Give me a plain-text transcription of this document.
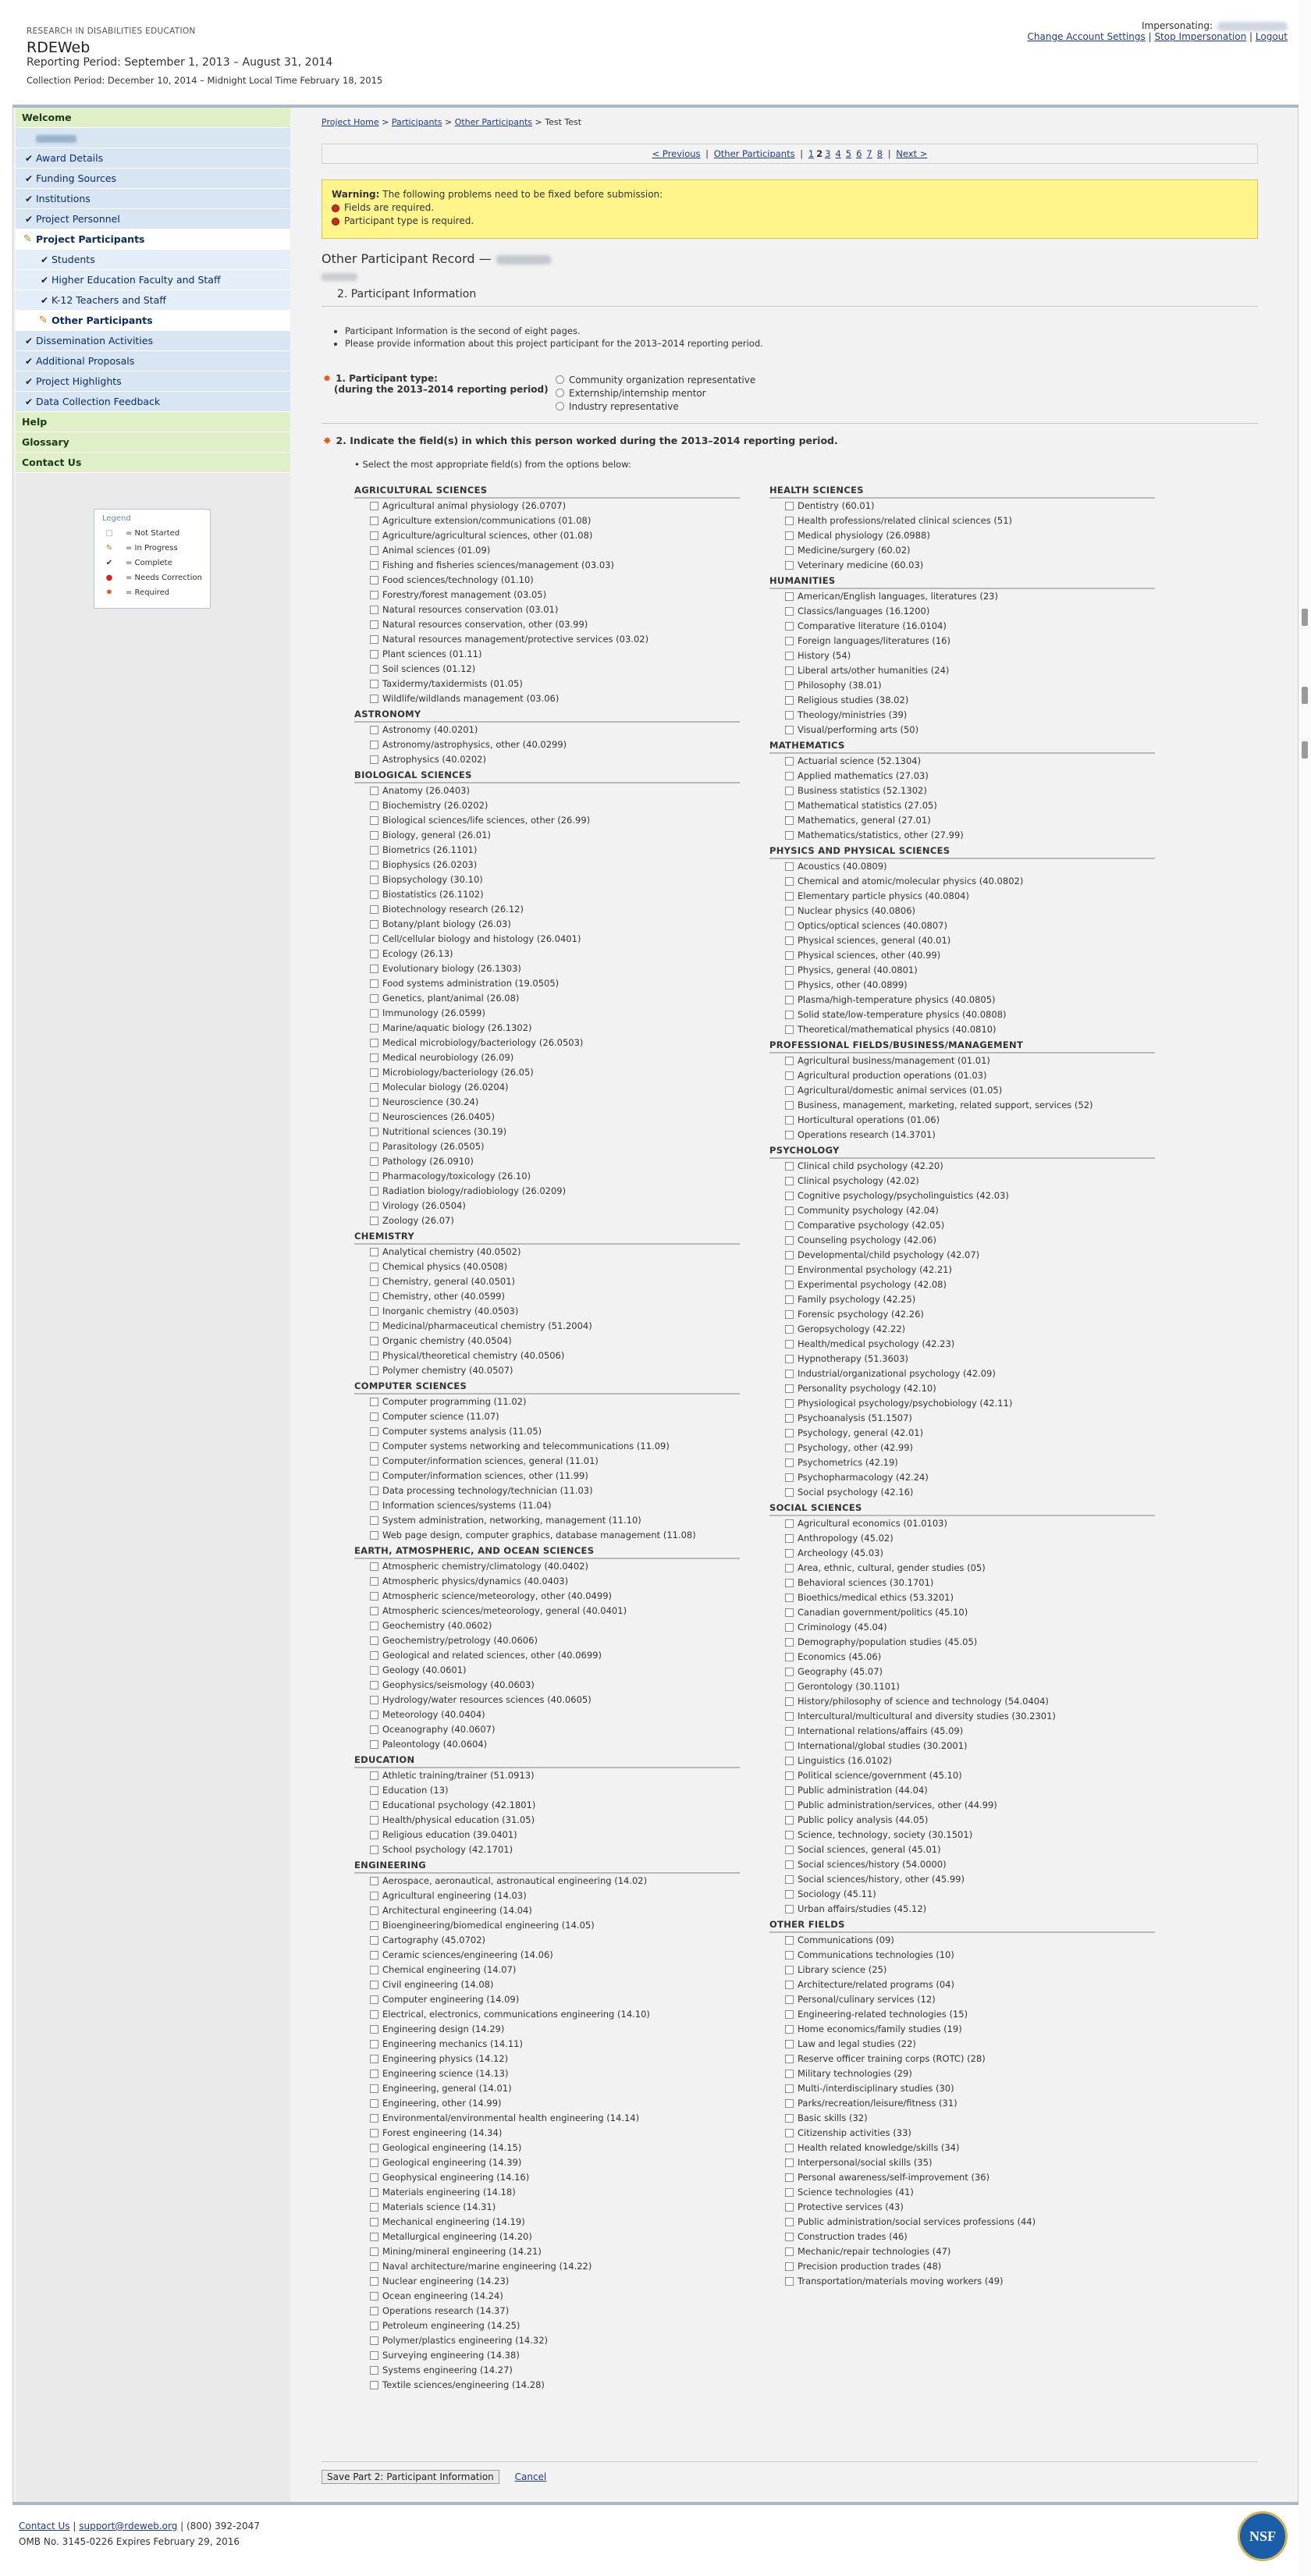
RESEARCH IN DISABILITIES EDUCATION
RDEWeb
Reporting Period: September 1, 2013 – August 31, 2014
Collection Period: December 10, 2014 – Midnight Local Time February 18, 2015
Impersonating:
Change Account Settings | Stop Impersonation | Logout
Welcome
✔ Award Details
✔ Funding Sources
✔ Institutions
✔ Project Personnel
✎ Project Participants
✔ Students
✔ Higher Education Faculty and Staff
✔ K-12 Teachers and Staff
✎ Other Participants
✔ Dissemination Activities
✔ Additional Proposals
✔ Project Highlights
✔ Data Collection Feedback
Help
Glossary
Contact Us
Legend
□ = Not Started
✎ = In Progress
✔ = Complete
● = Needs Correction
✸ = Required
Project Home > Participants > Other Participants > Test Test
< Previous | Other Participants | 1 2 3 4 5 6 7 8 | Next >
Warning: The following problems need to be fixed before submission:
Fields are required.
Participant type is required.
Other Participant Record —
2. Participant Information
• Participant Information is the second of eight pages.
• Please provide information about this project participant for the 2013–2014 reporting period.
✸ 1. Participant type:
(during the 2013–2014 reporting period)
Community organization representative
Externship/internship mentor
Industry representative
✸ 2. Indicate the field(s) in which this person worked during the 2013–2014 reporting period.
• Select the most appropriate field(s) from the options below:
AGRICULTURAL SCIENCES
Agricultural animal physiology (26.0707)
Agriculture extension/communications (01.08)
Agriculture/agricultural sciences, other (01.08)
Animal sciences (01.09)
Fishing and fisheries sciences/management (03.03)
Food sciences/technology (01.10)
Forestry/forest management (03.05)
Natural resources conservation (03.01)
Natural resources conservation, other (03.99)
Natural resources management/protective services (03.02)
Plant sciences (01.11)
Soil sciences (01.12)
Taxidermy/taxidermists (01.05)
Wildlife/wildlands management (03.06)
ASTRONOMY
Astronomy (40.0201)
Astronomy/astrophysics, other (40.0299)
Astrophysics (40.0202)
BIOLOGICAL SCIENCES
Anatomy (26.0403)
Biochemistry (26.0202)
Biological sciences/life sciences, other (26.99)
Biology, general (26.01)
Biometrics (26.1101)
Biophysics (26.0203)
Biopsychology (30.10)
Biostatistics (26.1102)
Biotechnology research (26.12)
Botany/plant biology (26.03)
Cell/cellular biology and histology (26.0401)
Ecology (26.13)
Evolutionary biology (26.1303)
Food systems administration (19.0505)
Genetics, plant/animal (26.08)
Immunology (26.0599)
Marine/aquatic biology (26.1302)
Medical microbiology/bacteriology (26.0503)
Medical neurobiology (26.09)
Microbiology/bacteriology (26.05)
Molecular biology (26.0204)
Neuroscience (30.24)
Neurosciences (26.0405)
Nutritional sciences (30.19)
Parasitology (26.0505)
Pathology (26.0910)
Pharmacology/toxicology (26.10)
Radiation biology/radiobiology (26.0209)
Virology (26.0504)
Zoology (26.07)
CHEMISTRY
Analytical chemistry (40.0502)
Chemical physics (40.0508)
Chemistry, general (40.0501)
Chemistry, other (40.0599)
Inorganic chemistry (40.0503)
Medicinal/pharmaceutical chemistry (51.2004)
Organic chemistry (40.0504)
Physical/theoretical chemistry (40.0506)
Polymer chemistry (40.0507)
COMPUTER SCIENCES
Computer programming (11.02)
Computer science (11.07)
Computer systems analysis (11.05)
Computer systems networking and telecommunications (11.09)
Computer/information sciences, general (11.01)
Computer/information sciences, other (11.99)
Data processing technology/technician (11.03)
Information sciences/systems (11.04)
System administration, networking, management (11.10)
Web page design, computer graphics, database management (11.08)
EARTH, ATMOSPHERIC, AND OCEAN SCIENCES
Atmospheric chemistry/climatology (40.0402)
Atmospheric physics/dynamics (40.0403)
Atmospheric science/meteorology, other (40.0499)
Atmospheric sciences/meteorology, general (40.0401)
Geochemistry (40.0602)
Geochemistry/petrology (40.0606)
Geological and related sciences, other (40.0699)
Geology (40.0601)
Geophysics/seismology (40.0603)
Hydrology/water resources sciences (40.0605)
Meteorology (40.0404)
Oceanography (40.0607)
Paleontology (40.0604)
EDUCATION
Athletic training/trainer (51.0913)
Education (13)
Educational psychology (42.1801)
Health/physical education (31.05)
Religious education (39.0401)
School psychology (42.1701)
ENGINEERING
Aerospace, aeronautical, astronautical engineering (14.02)
Agricultural engineering (14.03)
Architectural engineering (14.04)
Bioengineering/biomedical engineering (14.05)
Cartography (45.0702)
Ceramic sciences/engineering (14.06)
Chemical engineering (14.07)
Civil engineering (14.08)
Computer engineering (14.09)
Electrical, electronics, communications engineering (14.10)
Engineering design (14.29)
Engineering mechanics (14.11)
Engineering physics (14.12)
Engineering science (14.13)
Engineering, general (14.01)
Engineering, other (14.99)
Environmental/environmental health engineering (14.14)
Forest engineering (14.34)
Geological engineering (14.15)
Geological engineering (14.39)
Geophysical engineering (14.16)
Materials engineering (14.18)
Materials science (14.31)
Mechanical engineering (14.19)
Metallurgical engineering (14.20)
Mining/mineral engineering (14.21)
Naval architecture/marine engineering (14.22)
Nuclear engineering (14.23)
Ocean engineering (14.24)
Operations research (14.37)
Petroleum engineering (14.25)
Polymer/plastics engineering (14.32)
Surveying engineering (14.38)
Systems engineering (14.27)
Textile sciences/engineering (14.28)
HEALTH SCIENCES
Dentistry (60.01)
Health professions/related clinical sciences (51)
Medical physiology (26.0988)
Medicine/surgery (60.02)
Veterinary medicine (60.03)
HUMANITIES
American/English languages, literatures (23)
Classics/languages (16.1200)
Comparative literature (16.0104)
Foreign languages/literatures (16)
History (54)
Liberal arts/other humanities (24)
Philosophy (38.01)
Religious studies (38.02)
Theology/ministries (39)
Visual/performing arts (50)
MATHEMATICS
Actuarial science (52.1304)
Applied mathematics (27.03)
Business statistics (52.1302)
Mathematical statistics (27.05)
Mathematics, general (27.01)
Mathematics/statistics, other (27.99)
PHYSICS AND PHYSICAL SCIENCES
Acoustics (40.0809)
Chemical and atomic/molecular physics (40.0802)
Elementary particle physics (40.0804)
Nuclear physics (40.0806)
Optics/optical sciences (40.0807)
Physical sciences, general (40.01)
Physical sciences, other (40.99)
Physics, general (40.0801)
Physics, other (40.0899)
Plasma/high-temperature physics (40.0805)
Solid state/low-temperature physics (40.0808)
Theoretical/mathematical physics (40.0810)
PROFESSIONAL FIELDS/BUSINESS/MANAGEMENT
Agricultural business/management (01.01)
Agricultural production operations (01.03)
Agricultural/domestic animal services (01.05)
Business, management, marketing, related support, services (52)
Horticultural operations (01.06)
Operations research (14.3701)
PSYCHOLOGY
Clinical child psychology (42.20)
Clinical psychology (42.02)
Cognitive psychology/psycholinguistics (42.03)
Community psychology (42.04)
Comparative psychology (42.05)
Counseling psychology (42.06)
Developmental/child psychology (42.07)
Environmental psychology (42.21)
Experimental psychology (42.08)
Family psychology (42.25)
Forensic psychology (42.26)
Geropsychology (42.22)
Health/medical psychology (42.23)
Hypnotherapy (51.3603)
Industrial/organizational psychology (42.09)
Personality psychology (42.10)
Physiological psychology/psychobiology (42.11)
Psychoanalysis (51.1507)
Psychology, general (42.01)
Psychology, other (42.99)
Psychometrics (42.19)
Psychopharmacology (42.24)
Social psychology (42.16)
SOCIAL SCIENCES
Agricultural economics (01.0103)
Anthropology (45.02)
Archeology (45.03)
Area, ethnic, cultural, gender studies (05)
Behavioral sciences (30.1701)
Bioethics/medical ethics (53.3201)
Canadian government/politics (45.10)
Criminology (45.04)
Demography/population studies (45.05)
Economics (45.06)
Geography (45.07)
Gerontology (30.1101)
History/philosophy of science and technology (54.0404)
Intercultural/multicultural and diversity studies (30.2301)
International relations/affairs (45.09)
International/global studies (30.2001)
Linguistics (16.0102)
Political science/government (45.10)
Public administration (44.04)
Public administration/services, other (44.99)
Public policy analysis (44.05)
Science, technology, society (30.1501)
Social sciences, general (45.01)
Social sciences/history (54.0000)
Social sciences/history, other (45.99)
Sociology (45.11)
Urban affairs/studies (45.12)
OTHER FIELDS
Communications (09)
Communications technologies (10)
Library science (25)
Architecture/related programs (04)
Personal/culinary services (12)
Engineering-related technologies (15)
Home economics/family studies (19)
Law and legal studies (22)
Reserve officer training corps (ROTC) (28)
Military technologies (29)
Multi-/interdisciplinary studies (30)
Parks/recreation/leisure/fitness (31)
Basic skills (32)
Citizenship activities (33)
Health related knowledge/skills (34)
Interpersonal/social skills (35)
Personal awareness/self-improvement (36)
Science technologies (41)
Protective services (43)
Public administration/social services professions (44)
Construction trades (46)
Mechanic/repair technologies (47)
Precision production trades (48)
Transportation/materials moving workers (49)
Save Part 2: Participant Information Cancel
Contact Us | support@rdeweb.org | (800) 392-2047
OMB No. 3145-0226 Expires February 29, 2016	NSF
